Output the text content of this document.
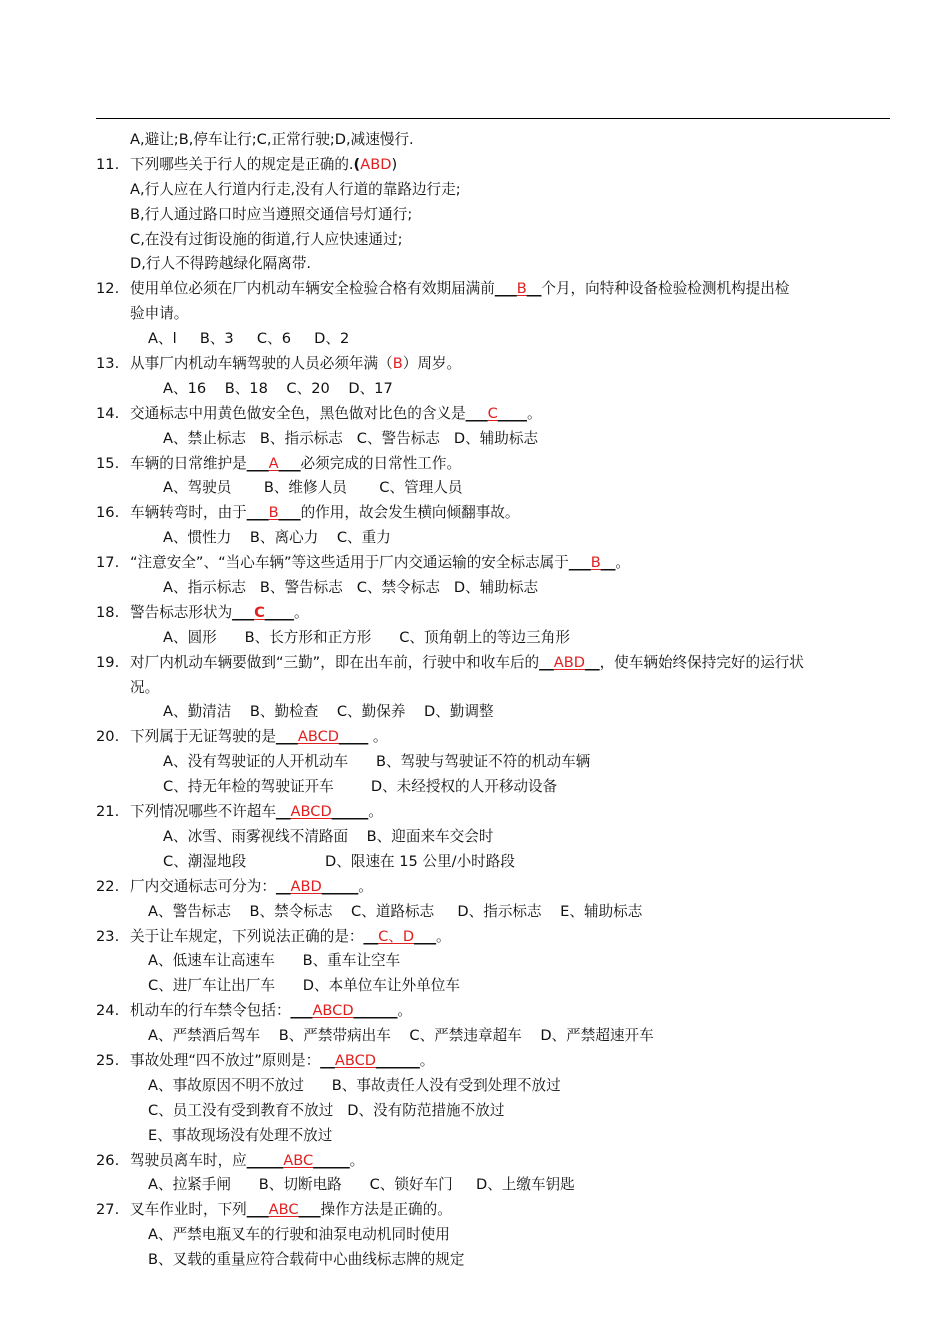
A,避让;B,停车让行;C,正常行驶;D,减速慢行.
11. 下列哪些关于行人的规定是正确的.(ABD)
A,行人应在人行道内行走,没有人行道的靠路边行走;
B,行人通过路口时应当遵照交通信号灯通行;
C,在没有过街设施的街道,行人应快速通过;
D,行人不得跨越绿化隔离带.
12. 使用单位必须在厂内机动车辆安全检验合格有效期届满前___B__个月，向特种设备检验检测机构提出检
验申请。
A、l     B、3     C、6     D、2
13. 从事厂内机动车辆驾驶的人员必须年满（B）周岁。
A、16    B、18    C、20    D、17
14. 交通标志中用黄色做安全色，黑色做对比色的含义是___C____。
A、禁止标志   B、指示标志   C、警告标志   D、辅助标志
15. 车辆的日常维护是___A___必须完成的日常性工作。
A、驾驶员       B、维修人员       C、管理人员
16. 车辆转弯时，由于___B___的作用，故会发生横向倾翻事故。
A、惯性力    B、离心力    C、重力
17. “注意安全”、“当心车辆”等这些适用于厂内交通运输的安全标志属于___B__。
A、指示标志   B、警告标志   C、禁令标志   D、辅助标志
18. 警告标志形状为___C____。
A、圆形      B、长方形和正方形      C、顶角朝上的等边三角形
19. 对厂内机动车辆要做到“三勤”，即在出车前，行驶中和收车后的__ABD__，使车辆始终保持完好的运行状
况。
A、勤清洁    B、勤检查    C、勤保养    D、勤调整
20. 下列属于无证驾驶的是___ABCD____ 。
A、没有驾驶证的人开机动车      B、驾驶与驾驶证不符的机动车辆
C、持无年检的驾驶证开车        D、未经授权的人开移动设备
21. 下列情况哪些不许超车__ABCD_____。
A、冰雪、雨雾视线不清路面    B、迎面来车交会时
C、潮湿地段                 D、限速在 15 公里/小时路段
22. 厂内交通标志可分为：__ABD_____。
A、警告标志    B、禁令标志    C、道路标志     D、指示标志    E、辅助标志
23. 关于让车规定，下列说法正确的是：__C、D___。
A、低速车让高速车      B、重车让空车
C、进厂车让出厂车      D、本单位车让外单位车
24. 机动车的行车禁令包括：___ABCD______。
A、严禁酒后驾车    B、严禁带病出车    C、严禁违章超车    D、严禁超速开车
25. 事故处理“四不放过”原则是：__ABCD______。
A、事故原因不明不放过      B、事故责任人没有受到处理不放过
C、员工没有受到教育不放过   D、没有防范措施不放过
E、事故现场没有处理不放过
26. 驾驶员离车时，应_____ABC_____。
A、拉紧手闸      B、切断电路      C、锁好车门     D、上缴车钥匙
27. 叉车作业时，下列___ABC___操作方法是正确的。
A、严禁电瓶叉车的行驶和油泵电动机同时使用
B、叉载的重量应符合载荷中心曲线标志牌的规定
